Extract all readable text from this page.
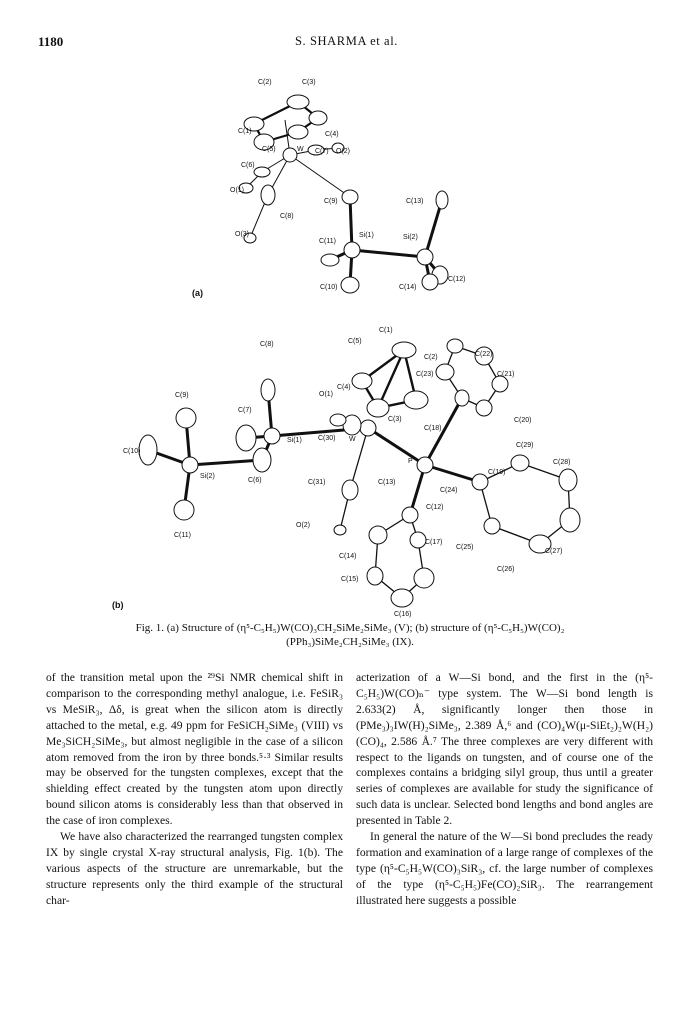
1180	S. SHARMA et al.
C(2)	C(3)
C(1)	C(4)
C(5)	W C(7) O(2)
C(6)
O(1)
C(9)	C(13)
C(8)
O(3)
C(11)
Si(1)	Si(2)
C(12)
C(10)	C(14)
(a)
C(1)
C(5)
C(8)
C(2)	C(22)
C(23)	C(21)
O(1)
C(4)
C(9)
C(7)
C(3)
C(18)
C(20)
C(10)
Si(1) C(30) W
C(29)
C(28)
P
C(19)
Si(2)
C(6)	C(31)	C(13)
C(24)
C(12)
O(2)
C(11)
C(17)
C(25)
C(27)
C(14)
C(26)
C(15)
C(16)
(b)
Fig. 1. (a) Structure of (η⁵-C₅H₅)W(CO)₃CH₂SiMe₂SiMe₃ (V); (b) structure of (η⁵-C₅H₅)W(CO)₂
(PPh₃)SiMe₂CH₂SiMe₃ (IX).

of the transition metal upon the ²⁹Si NMR chemical shift in comparison to the corresponding methyl analogue, i.e. FeSiR₃ vs MeSiR₃, Δδ, is great when the silicon atom is directly attached to the metal, e.g. 49 ppm for FeSiCH₂SiMe₃ (VIII) vs Me₃SiCH₂SiMe₃, but almost negligible in the case of a silicon atom removed from the iron by three bonds.⁵·³ Similar results may be observed for the tungsten complexes, except that the shielding effect created by the tungsten atom upon directly bound silicon atoms is considerably less than that observed in the case of iron complexes.

We have also characterized the rearranged tungsten complex IX by single crystal X-ray structural analysis, Fig. 1(b). The various aspects of the structure are unremarkable, but the structure represents only the third example of the structural char-

acterization of a W—Si bond, and the first in the (η⁵-C₅H₅)W(CO)ₙ⁻ type system. The W—Si bond length is 2.633(2) Å, significantly longer then those in (PMe₃)₃IW(H)₂SiMe₃, 2.389 Å,⁶ and (CO)₄W(μ-SiEt₂)₂W(H₂)(CO)₄, 2.586 Å.⁷ The three complexes are very different with respect to the ligands on tungsten, and of course one of the complexes contains a bridging silyl group, thus until a greater series of complexes are available for study the significance of such data is unclear. Selected bond lengths and bond angles are presented in Table 2.

In general the nature of the W—Si bond precludes the ready formation and examination of a large range of complexes of the type (η⁵-C₅H₅W(CO)₃SiR₃, cf. the large number of complexes of the type (η⁵-C₅H₅)Fe(CO)₂SiR₃. The rearrangement illustrated here suggests a possible
